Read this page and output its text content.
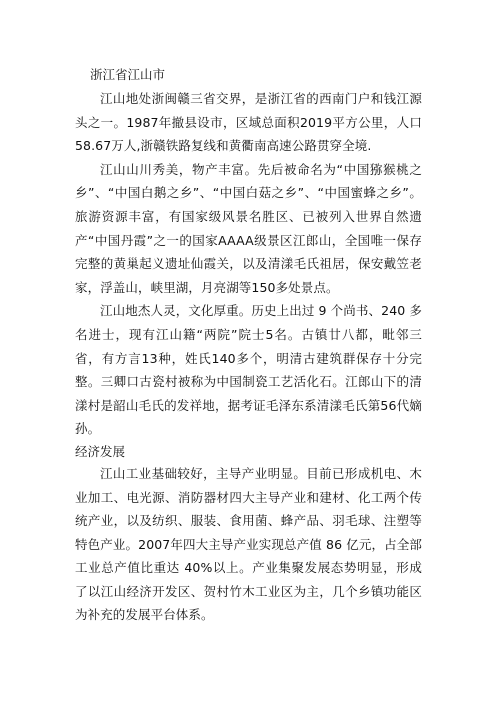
浙江省江山市

江山地处浙闽赣三省交界，是浙江省的西南门户和钱江源头之一。1987年撤县设市，区域总面积2019平方公里，人口58.67万人,浙赣铁路复线和黄衢南高速公路贯穿全境.

江山山川秀美，物产丰富。先后被命名为“中国猕猴桃之乡”、“中国白鹅之乡”、“中国白菇之乡”、“中国蜜蜂之乡”。旅游资源丰富，有国家级风景名胜区、已被列入世界自然遗产“中国丹霞”之一的国家AAAA级景区江郎山，全国唯一保存完整的黄巢起义遗址仙霞关，以及清漾毛氏祖居，保安戴笠老家，浮盖山，峡里湖，月亮湖等150多处景点。

江山地杰人灵，文化厚重。历史上出过 9 个尚书、240 多名进士，现有江山籍“两院”院士5名。古镇廿八都，毗邻三省，有方言13种，姓氏140多个，明清古建筑群保存十分完整。三卿口古瓷村被称为中国制瓷工艺活化石。江郎山下的清漾村是韶山毛氏的发祥地，据考证毛泽东系清漾毛氏第56代嫡孙。

经济发展

江山工业基础较好，主导产业明显。目前已形成机电、木业加工、电光源、消防器材四大主导产业和建材、化工两个传统产业，以及纺织、服装、食用菌、蜂产品、羽毛球、注塑等特色产业。2007年四大主导产业实现总产值 86 亿元，占全部工业总产值比重达 40%以上。产业集聚发展态势明显，形成了以江山经济开发区、贺村竹木工业区为主，几个乡镇功能区为补充的发展平台体系。
